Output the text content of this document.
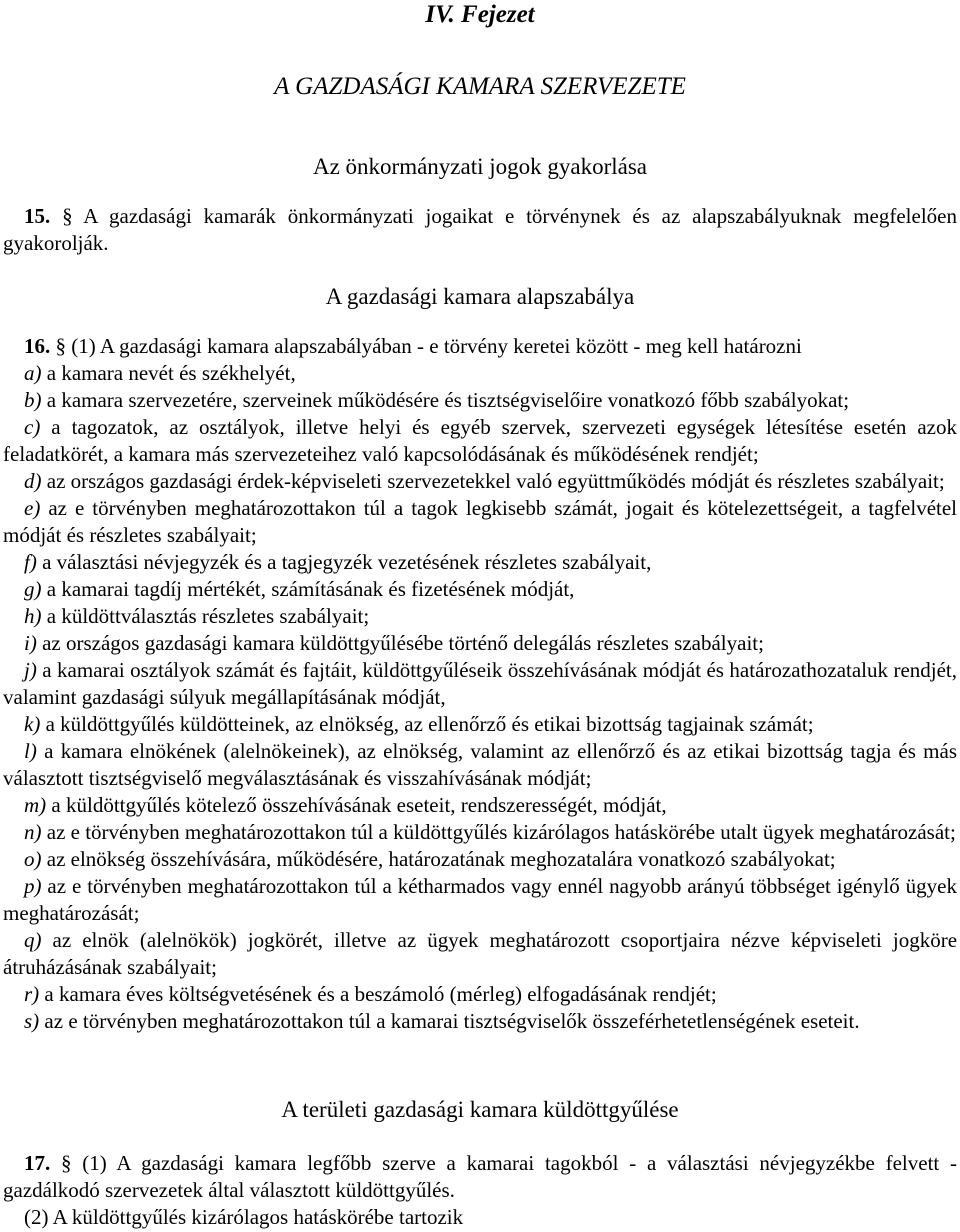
IV. Fejezet
A GAZDASÁGI KAMARA SZERVEZETE
Az önkormányzati jogok gyakorlása

15. § A gazdasági kamarák önkormányzati jogaikat e törvénynek és az alapszabályuknak megfelelően gyakorolják.

A gazdasági kamara alapszabálya
16. § (1) A gazdasági kamara alapszabályában - e törvény keretei között - meg kell határozni
a) a kamara nevét és székhelyét,
b) a kamara szervezetére, szerveinek működésére és tisztségviselőire vonatkozó főbb szabályokat;
c) a tagozatok, az osztályok, illetve helyi és egyéb szervek, szervezeti egységek létesítése esetén azok feladatkörét, a kamara más szervezeteihez való kapcsolódásának és működésének rendjét;
d) az országos gazdasági érdek-képviseleti szervezetekkel való együttműködés módját és részletes szabályait;
e) az e törvényben meghatározottakon túl a tagok legkisebb számát, jogait és kötelezettségeit, a tagfelvétel módját és részletes szabályait;
f) a választási névjegyzék és a tagjegyzék vezetésének részletes szabályait,
g) a kamarai tagdíj mértékét, számításának és fizetésének módját,
h) a küldöttválasztás részletes szabályait;
i) az országos gazdasági kamara küldöttgyűlésébe történő delegálás részletes szabályait;
j) a kamarai osztályok számát és fajtáit, küldöttgyűléseik összehívásának módját és határozathozataluk rendjét, valamint gazdasági súlyuk megállapításának módját,
k) a küldöttgyűlés küldötteinek, az elnökség, az ellenőrző és etikai bizottság tagjainak számát;
l) a kamara elnökének (alelnökeinek), az elnökség, valamint az ellenőrző és az etikai bizottság tagja és más választott tisztségviselő megválasztásának és visszahívásának módját;
m) a küldöttgyűlés kötelező összehívásának eseteit, rendszerességét, módját,
n) az e törvényben meghatározottakon túl a küldöttgyűlés kizárólagos hatáskörébe utalt ügyek meghatározását;
o) az elnökség összehívására, működésére, határozatának meghozatalára vonatkozó szabályokat;
p) az e törvényben meghatározottakon túl a kétharmados vagy ennél nagyobb arányú többséget igénylő ügyek meghatározását;
q) az elnök (alelnökök) jogkörét, illetve az ügyek meghatározott csoportjaira nézve képviseleti jogköre átruházásának szabályait;
r) a kamara éves költségvetésének és a beszámoló (mérleg) elfogadásának rendjét;
s) az e törvényben meghatározottakon túl a kamarai tisztségviselők összeférhetetlenségének eseteit.
A területi gazdasági kamara küldöttgyűlése
17. § (1) A gazdasági kamara legfőbb szerve a kamarai tagokból - a választási névjegyzékbe felvett - gazdálkodó szervezetek által választott küldöttgyűlés.
(2) A küldöttgyűlés kizárólagos hatáskörébe tartozik
